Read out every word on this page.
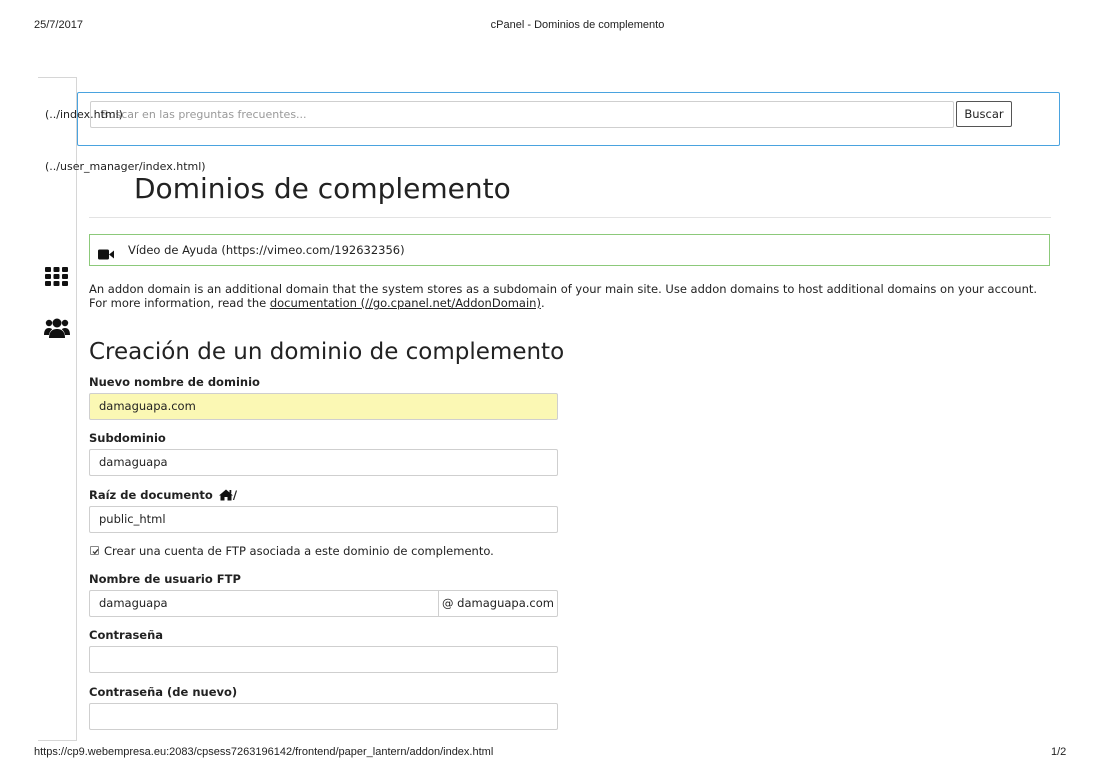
25/7/2017	cPanel - Dominios de complemento
Buscar en las preguntas frecuentes...	Buscar
(../index.html)
(../user_manager/index.html)
Dominios de complemento
Vídeo de Ayuda (https://vimeo.com/192632356)
An addon domain is an additional domain that the system stores as a subdomain of your main site. Use addon domains to host additional domains on your account. For more information, read the documentation (//go.cpanel.net/AddonDomain).
Creación de un dominio de complemento
Nuevo nombre de dominio
damaguapa.com
Subdominio
damaguapa
Raíz de documento /
public_html
Crear una cuenta de FTP asociada a este dominio de complemento.
Nombre de usuario FTP
damaguapa	@ damaguapa.com
Contraseña
Contraseña (de nuevo)
https://cp9.webempresa.eu:2083/cpsess7263196142/frontend/paper_lantern/addon/index.html	1/2
